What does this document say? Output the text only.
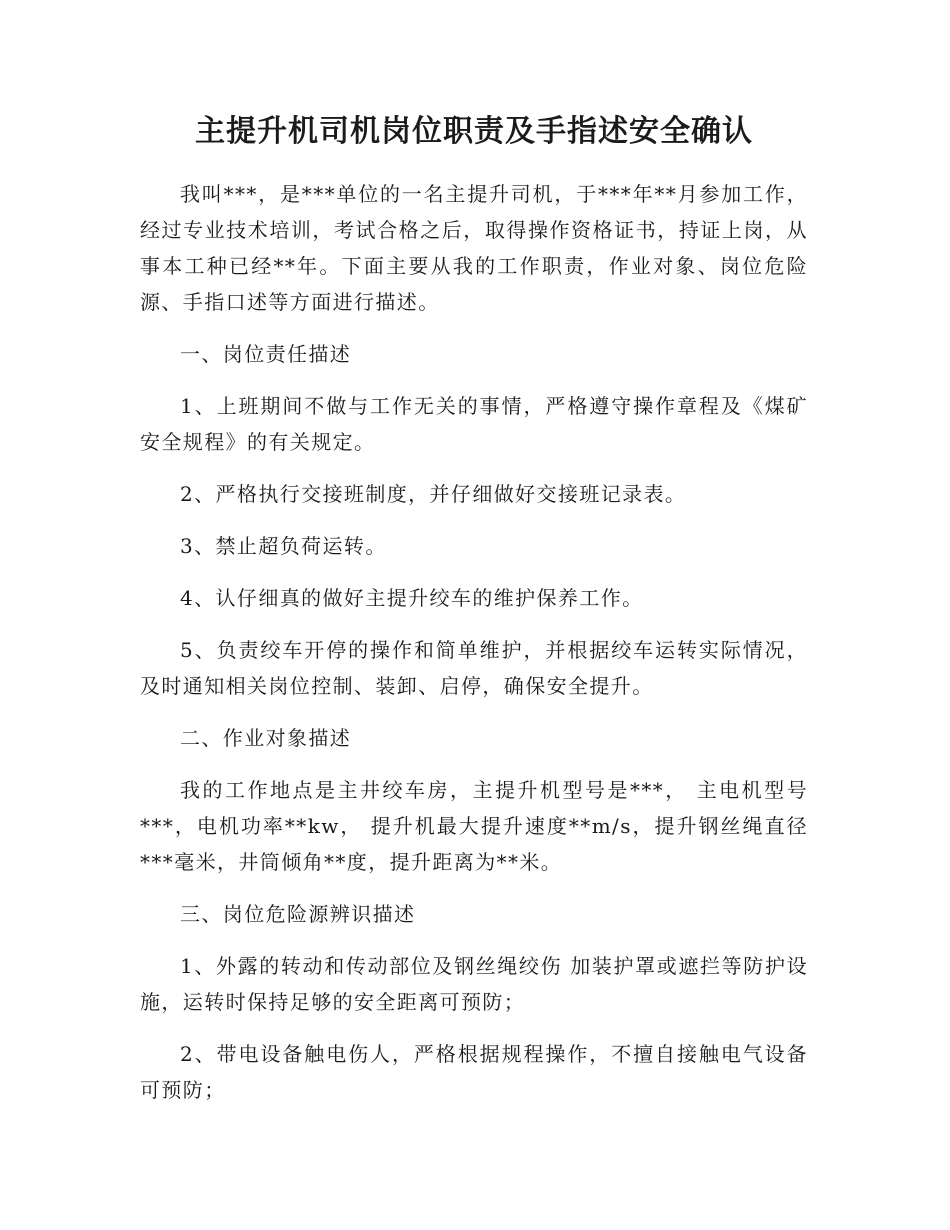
主提升机司机岗位职责及手指述安全确认

我叫***，是***单位的一名主提升司机，于***年**月参加工作，经过专业技术培训，考试合格之后，取得操作资格证书，持证上岗，从事本工种已经**年。下面主要从我的工作职责，作业对象、岗位危险源、手指口述等方面进行描述。

一、岗位责任描述

1、上班期间不做与工作无关的事情，严格遵守操作章程及《煤矿安全规程》的有关规定。

2、严格执行交接班制度，并仔细做好交接班记录表。

3、禁止超负荷运转。

4、认仔细真的做好主提升绞车的维护保养工作。

5、负责绞车开停的操作和简单维护，并根据绞车运转实际情况，及时通知相关岗位控制、装卸、启停，确保安全提升。

二、作业对象描述

我的工作地点是主井绞车房，主提升机型号是***， 主电机型号***，电机功率**kw， 提升机最大提升速度**m/s，提升钢丝绳直径***毫米，井筒倾角**度，提升距离为**米。

三、岗位危险源辨识描述

1、外露的转动和传动部位及钢丝绳绞伤 加装护罩或遮拦等防护设施，运转时保持足够的安全距离可预防；

2、带电设备触电伤人，严格根据规程操作，不擅自接触电气设备可预防；
